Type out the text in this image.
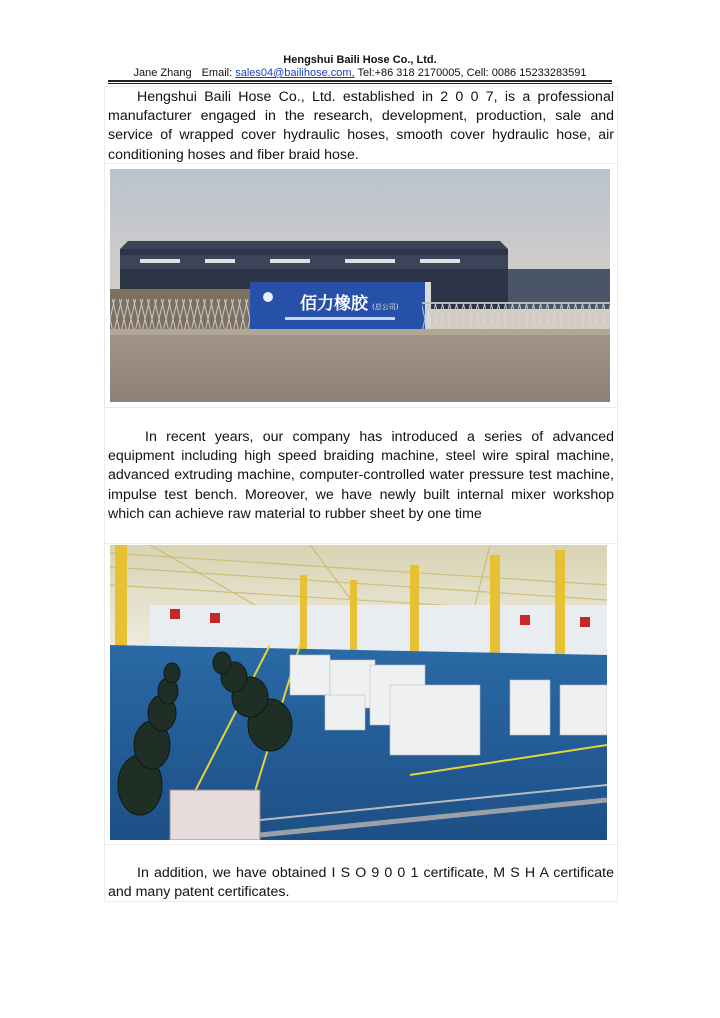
Hengshui Baili Hose Co., Ltd.
Jane Zhang Email: sales04@bailihose.com, Tel:+86 318 2170005, Cell: 0086 15233283591
Hengshui Baili Hose Co., Ltd. established in 2 0 0 7, is a professional manufacturer engaged in the research, development, production, sale and service of wrapped cover hydraulic hoses, smooth cover hydraulic hose, air conditioning hoses and fiber braid hose.
佰力橡胶 (总公司)
In recent years, our company has introduced a series of advanced equipment including high speed braiding machine, steel wire spiral machine, advanced extruding machine, computer-controlled water pressure test machine, impulse test bench. Moreover, we have newly built internal mixer workshop which can achieve raw material to rubber sheet by one time
In addition, we have obtained I S O 9 0 0 1 certificate, M S H A certificate and many patent certificates.
